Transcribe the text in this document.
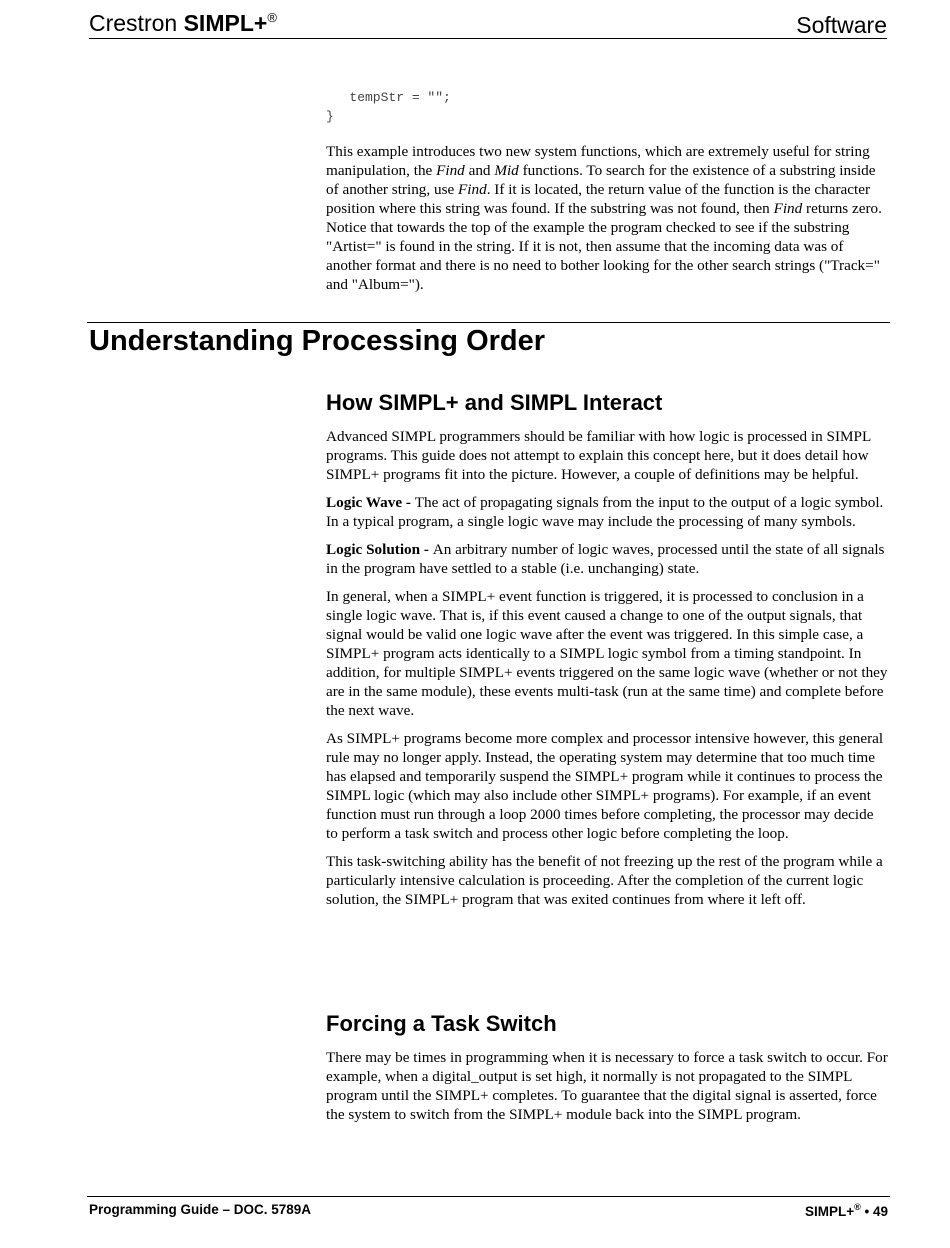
Crestron SIMPL+®	Software
tempStr = "";
}

This example introduces two new system functions, which are extremely useful for string manipulation, the Find and Mid functions. To search for the existence of a substring inside of another string, use Find. If it is located, the return value of the function is the character position where this string was found. If the substring was not found, then Find returns zero. Notice that towards the top of the example the program checked to see if the substring "Artist=" is found in the string. If it is not, then assume that the incoming data was of another format and there is no need to bother looking for the other search strings ("Track=" and "Album=").

Understanding Processing Order
How SIMPL+ and SIMPL Interact

Advanced SIMPL programmers should be familiar with how logic is processed in SIMPL programs. This guide does not attempt to explain this concept here, but it does detail how SIMPL+ programs fit into the picture. However, a couple of definitions may be helpful.

Logic Wave - The act of propagating signals from the input to the output of a logic symbol. In a typical program, a single logic wave may include the processing of many symbols.

Logic Solution - An arbitrary number of logic waves, processed until the state of all signals in the program have settled to a stable (i.e. unchanging) state.

In general, when a SIMPL+ event function is triggered, it is processed to conclusion in a single logic wave. That is, if this event caused a change to one of the output signals, that signal would be valid one logic wave after the event was triggered. In this simple case, a SIMPL+ program acts identically to a SIMPL logic symbol from a timing standpoint. In addition, for multiple SIMPL+ events triggered on the same logic wave (whether or not they are in the same module), these events multi-task (run at the same time) and complete before the next wave.

As SIMPL+ programs become more complex and processor intensive however, this general rule may no longer apply. Instead, the operating system may determine that too much time has elapsed and temporarily suspend the SIMPL+ program while it continues to process the SIMPL logic (which may also include other SIMPL+ programs). For example, if an event function must run through a loop 2000 times before completing, the processor may decide to perform a task switch and process other logic before completing the loop.

This task-switching ability has the benefit of not freezing up the rest of the program while a particularly intensive calculation is proceeding. After the completion of the current logic solution, the SIMPL+ program that was exited continues from where it left off.

Forcing a Task Switch

There may be times in programming when it is necessary to force a task switch to occur. For example, when a digital_output is set high, it normally is not propagated to the SIMPL program until the SIMPL+ completes. To guarantee that the digital signal is asserted, force the system to switch from the SIMPL+ module back into the SIMPL program.

Programming Guide – DOC. 5789A	SIMPL+® • 49
